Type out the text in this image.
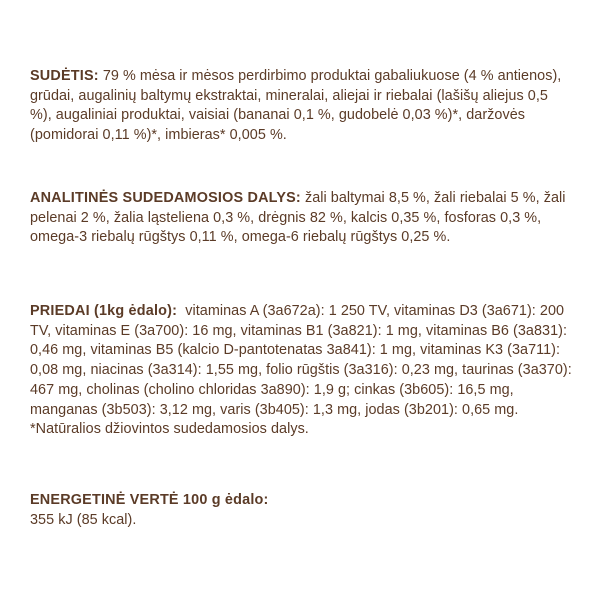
SUDĖTIS: 79 % mėsa ir mėsos perdirbimo produktai gabaliukuose (4 % antienos), grūdai, augalinių baltymų ekstraktai, mineralai, aliejai ir riebalai (lašišų aliejus 0,5 %), augaliniai produktai, vaisiai (bananai 0,1 %, gudobelė 0,03 %)*, daržovės (pomidorai 0,11 %)*, imbieras* 0,005 %.
ANALITINĖS SUDEDAMOSIOS DALYS: žali baltymai 8,5 %, žali riebalai 5 %, žali pelenai 2 %, žalia ląsteliena 0,3 %, drėgnis 82 %, kalcis 0,35 %, fosforas 0,3 %, omega-3 riebalų rūgštys 0,11 %, omega-6 riebalų rūgštys 0,25 %.
PRIEDAI (1kg ėdalo):  vitaminas A (3a672a): 1 250 TV, vitaminas D3 (3a671): 200 TV, vitaminas E (3a700): 16 mg, vitaminas B1 (3a821): 1 mg, vitaminas B6 (3a831): 0,46 mg, vitaminas B5 (kalcio D-pantotenatas 3a841): 1 mg, vitaminas K3 (3a711): 0,08 mg, niacinas (3a314): 1,55 mg, folio rūgštis (3a316): 0,23 mg, taurinas (3a370): 467 mg, cholinas (cholino chloridas 3a890): 1,9 g; cinkas (3b605): 16,5 mg, manganas (3b503): 3,12 mg, varis (3b405): 1,3 mg, jodas (3b201): 0,65 mg. *Natūralios džiovintos sudedamosios dalys.
ENERGETINĖ VERTĖ 100 g ėdalo:
355 kJ (85 kcal).
